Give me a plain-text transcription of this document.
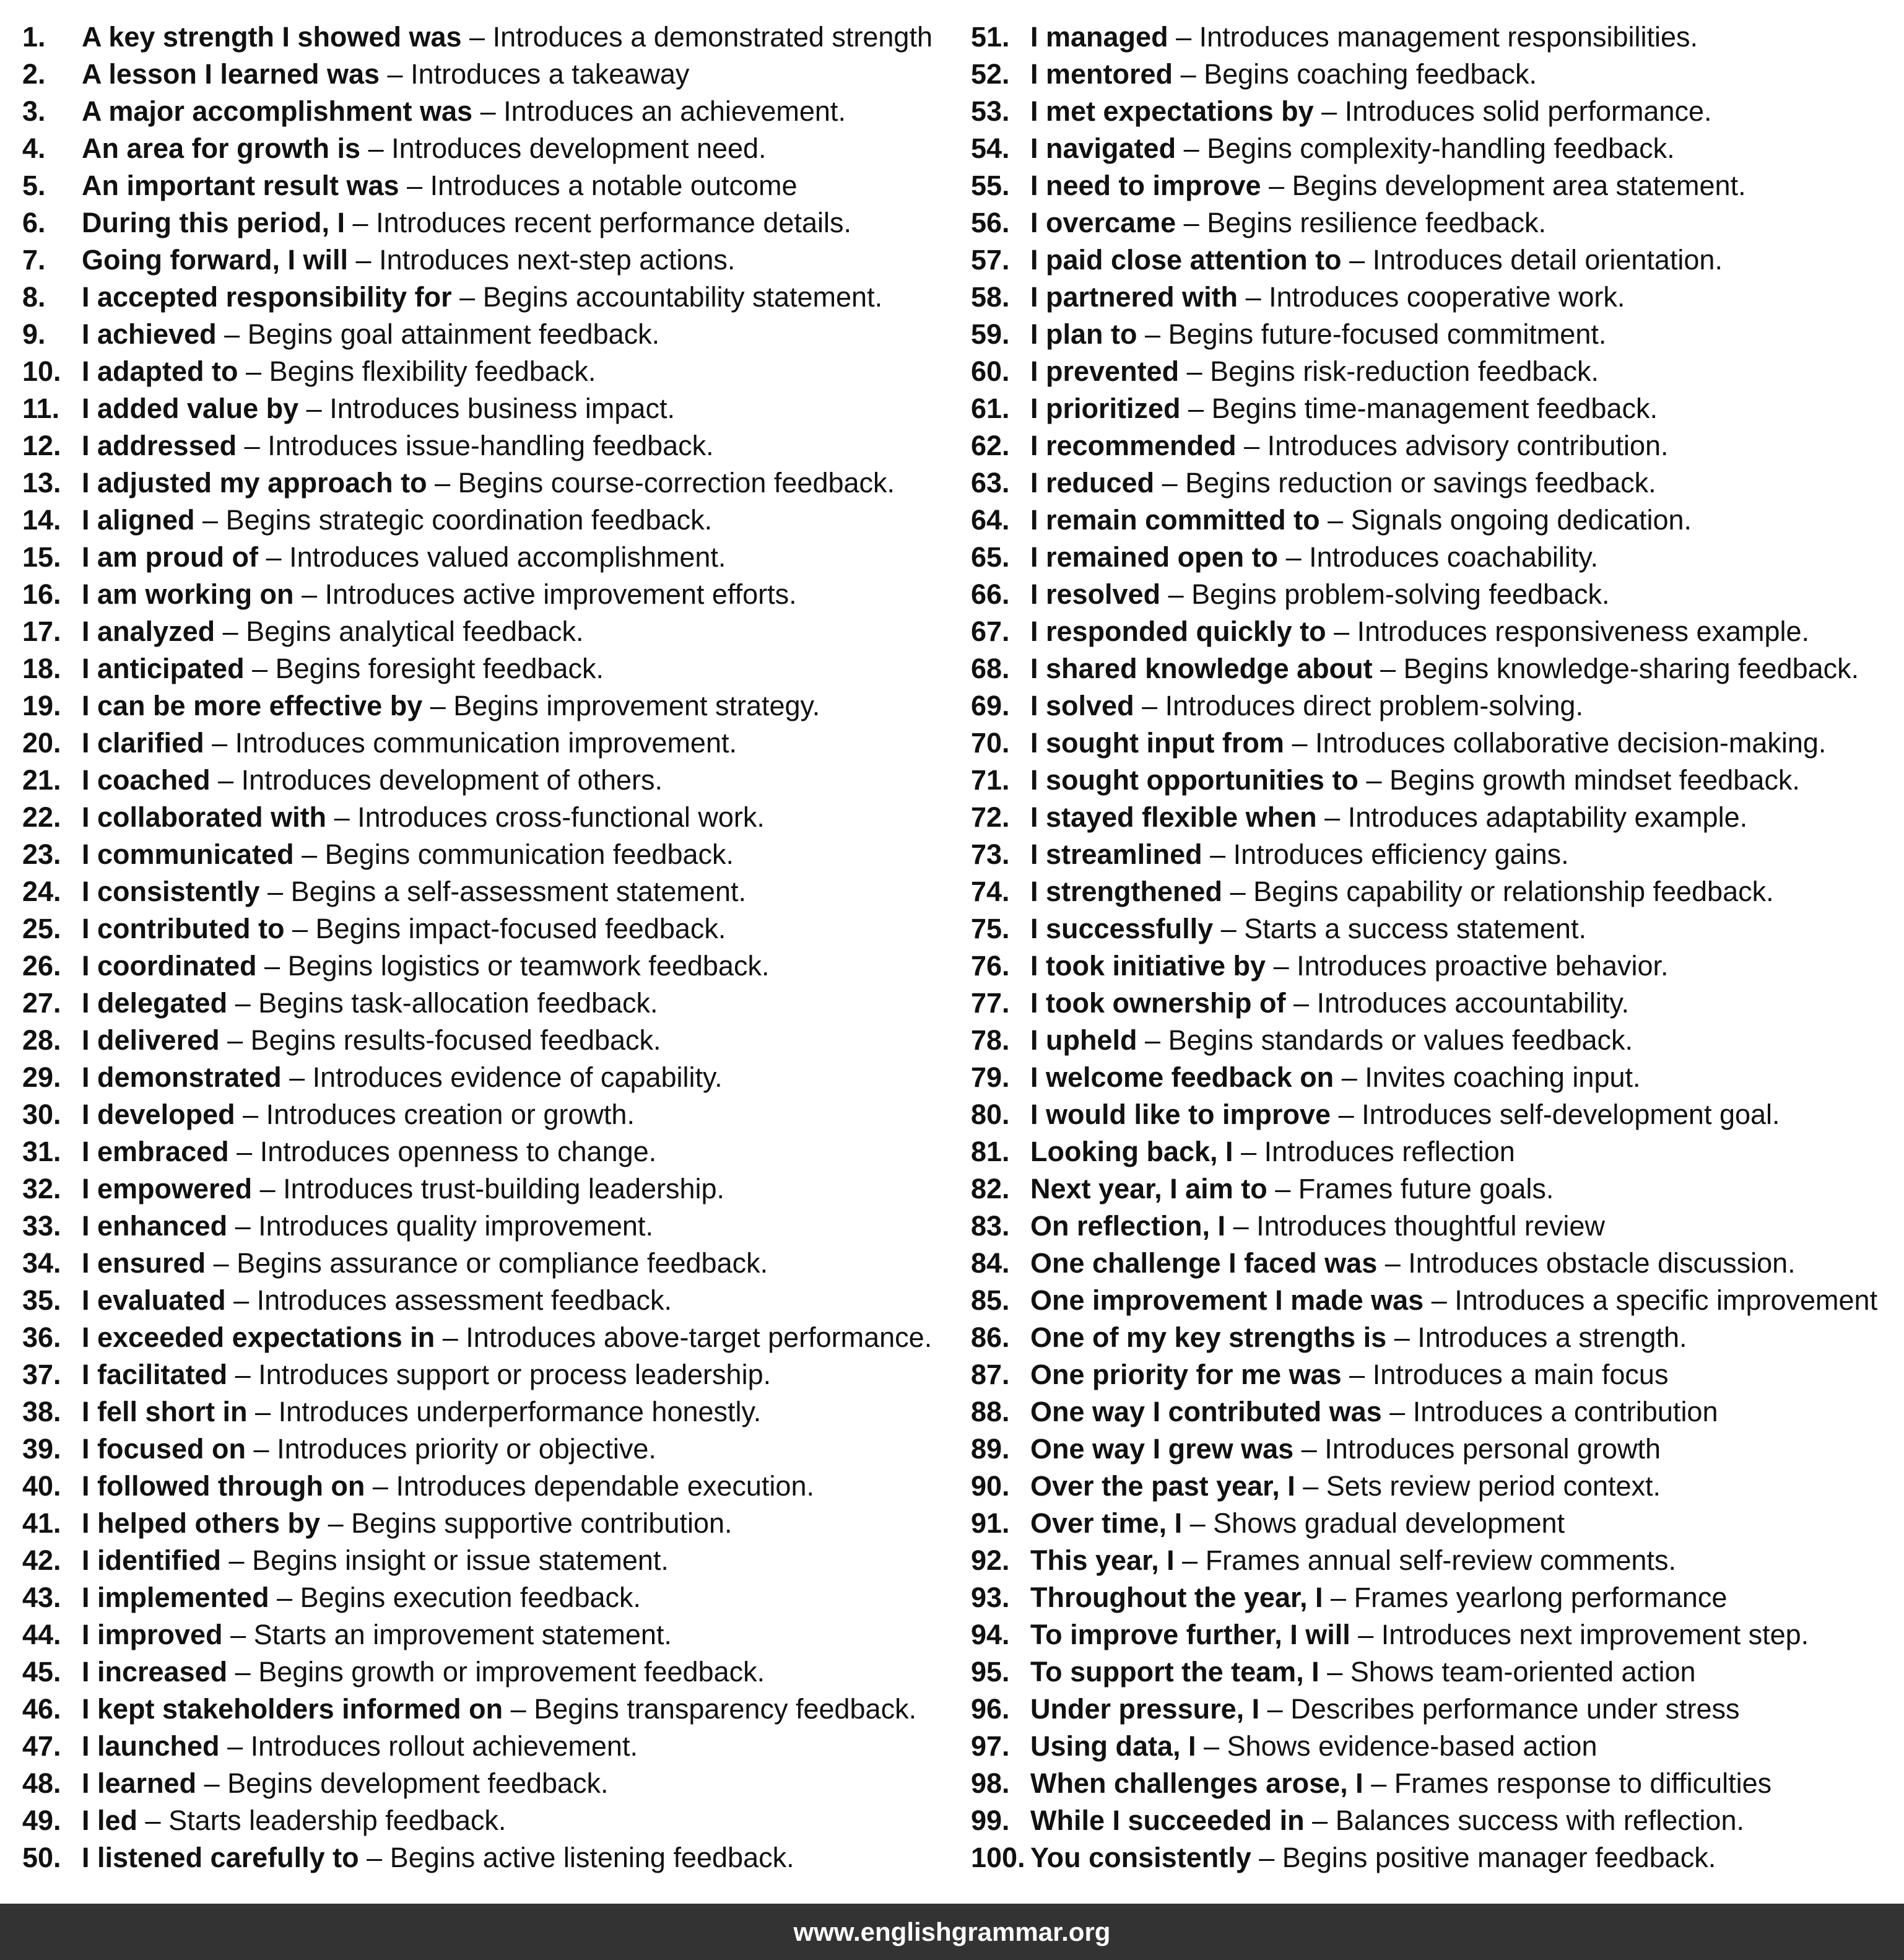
1. A key strength I showed was – Introduces a demonstrated strength
2. A lesson I learned was – Introduces a takeaway
3. A major accomplishment was – Introduces an achievement.
4. An area for growth is – Introduces development need.
5. An important result was – Introduces a notable outcome
6. During this period, I – Introduces recent performance details.
7. Going forward, I will – Introduces next-step actions.
8. I accepted responsibility for – Begins accountability statement.
9. I achieved – Begins goal attainment feedback.
10. I adapted to – Begins flexibility feedback.
11. I added value by – Introduces business impact.
12. I addressed – Introduces issue-handling feedback.
13. I adjusted my approach to – Begins course-correction feedback.
14. I aligned – Begins strategic coordination feedback.
15. I am proud of – Introduces valued accomplishment.
16. I am working on – Introduces active improvement efforts.
17. I analyzed – Begins analytical feedback.
18. I anticipated – Begins foresight feedback.
19. I can be more effective by – Begins improvement strategy.
20. I clarified – Introduces communication improvement.
21. I coached – Introduces development of others.
22. I collaborated with – Introduces cross-functional work.
23. I communicated – Begins communication feedback.
24. I consistently – Begins a self-assessment statement.
25. I contributed to – Begins impact-focused feedback.
26. I coordinated – Begins logistics or teamwork feedback.
27. I delegated – Begins task-allocation feedback.
28. I delivered – Begins results-focused feedback.
29. I demonstrated – Introduces evidence of capability.
30. I developed – Introduces creation or growth.
31. I embraced – Introduces openness to change.
32. I empowered – Introduces trust-building leadership.
33. I enhanced – Introduces quality improvement.
34. I ensured – Begins assurance or compliance feedback.
35. I evaluated – Introduces assessment feedback.
36. I exceeded expectations in – Introduces above-target performance.
37. I facilitated – Introduces support or process leadership.
38. I fell short in – Introduces underperformance honestly.
39. I focused on – Introduces priority or objective.
40. I followed through on – Introduces dependable execution.
41. I helped others by – Begins supportive contribution.
42. I identified – Begins insight or issue statement.
43. I implemented – Begins execution feedback.
44. I improved – Starts an improvement statement.
45. I increased – Begins growth or improvement feedback.
46. I kept stakeholders informed on – Begins transparency feedback.
47. I launched – Introduces rollout achievement.
48. I learned – Begins development feedback.
49. I led – Starts leadership feedback.
50. I listened carefully to – Begins active listening feedback.
51. I managed – Introduces management responsibilities.
52. I mentored – Begins coaching feedback.
53. I met expectations by – Introduces solid performance.
54. I navigated – Begins complexity-handling feedback.
55. I need to improve – Begins development area statement.
56. I overcame – Begins resilience feedback.
57. I paid close attention to – Introduces detail orientation.
58. I partnered with – Introduces cooperative work.
59. I plan to – Begins future-focused commitment.
60. I prevented – Begins risk-reduction feedback.
61. I prioritized – Begins time-management feedback.
62. I recommended – Introduces advisory contribution.
63. I reduced – Begins reduction or savings feedback.
64. I remain committed to – Signals ongoing dedication.
65. I remained open to – Introduces coachability.
66. I resolved – Begins problem-solving feedback.
67. I responded quickly to – Introduces responsiveness example.
68. I shared knowledge about – Begins knowledge-sharing feedback.
69. I solved – Introduces direct problem-solving.
70. I sought input from – Introduces collaborative decision-making.
71. I sought opportunities to – Begins growth mindset feedback.
72. I stayed flexible when – Introduces adaptability example.
73. I streamlined – Introduces efficiency gains.
74. I strengthened – Begins capability or relationship feedback.
75. I successfully – Starts a success statement.
76. I took initiative by – Introduces proactive behavior.
77. I took ownership of – Introduces accountability.
78. I upheld – Begins standards or values feedback.
79. I welcome feedback on – Invites coaching input.
80. I would like to improve – Introduces self-development goal.
81. Looking back, I – Introduces reflection
82. Next year, I aim to – Frames future goals.
83. On reflection, I – Introduces thoughtful review
84. One challenge I faced was – Introduces obstacle discussion.
85. One improvement I made was – Introduces a specific improvement
86. One of my key strengths is – Introduces a strength.
87. One priority for me was – Introduces a main focus
88. One way I contributed was – Introduces a contribution
89. One way I grew was – Introduces personal growth
90. Over the past year, I – Sets review period context.
91. Over time, I – Shows gradual development
92. This year, I – Frames annual self-review comments.
93. Throughout the year, I – Frames yearlong performance
94. To improve further, I will – Introduces next improvement step.
95. To support the team, I – Shows team-oriented action
96. Under pressure, I – Describes performance under stress
97. Using data, I – Shows evidence-based action
98. When challenges arose, I – Frames response to difficulties
99. While I succeeded in – Balances success with reflection.
100. You consistently – Begins positive manager feedback.
www.englishgrammar.org
